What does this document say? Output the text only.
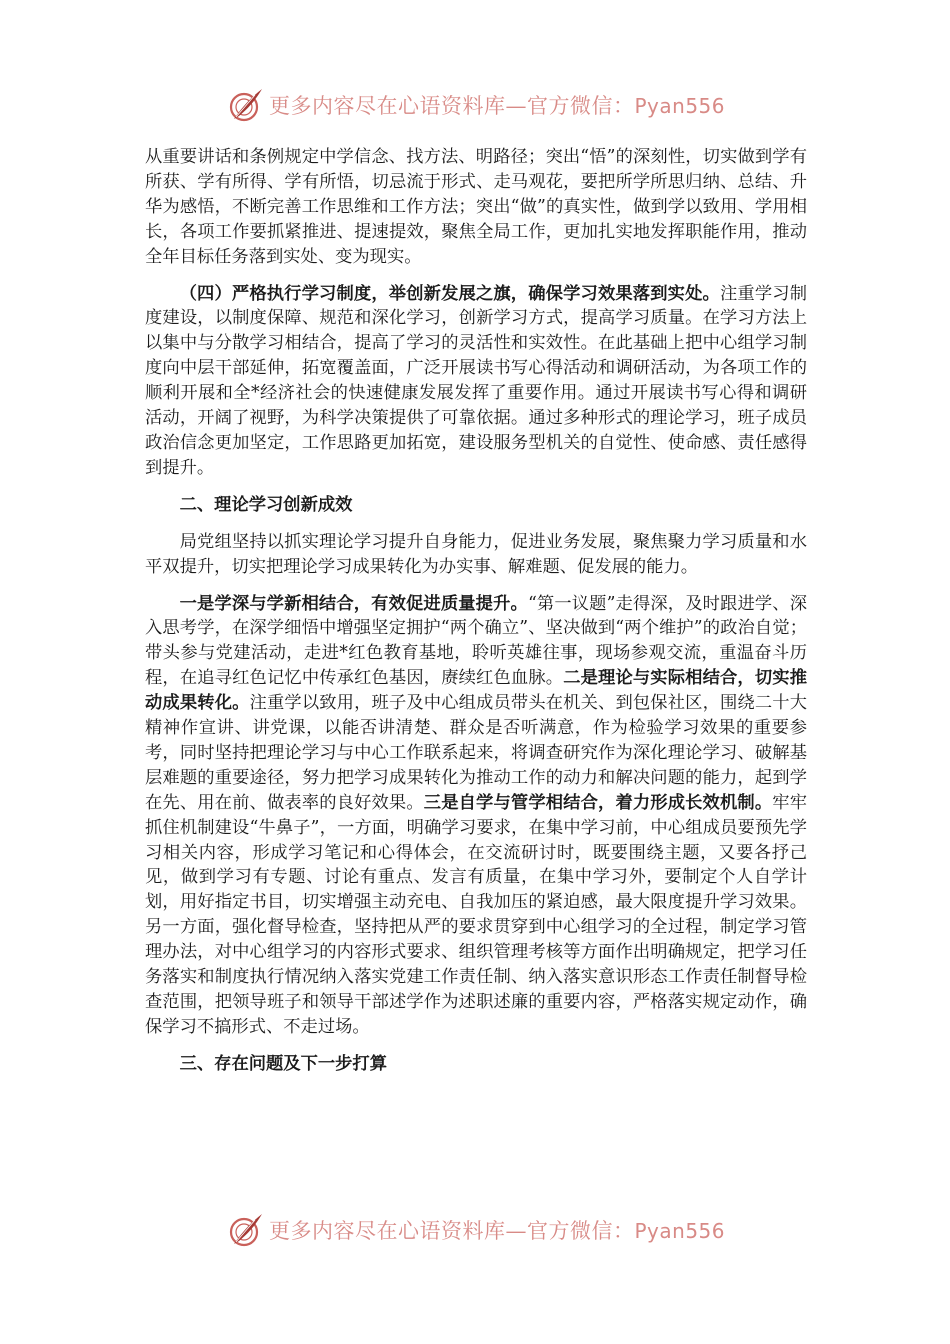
更多内容尽在心语资料库—官方微信：Pyan556

从重要讲话和条例规定中学信念、找方法、明路径；突出“悟”的深刻性，切实做到学有所获、学有所得、学有所悟，切忌流于形式、走马观花，要把所学所思归纳、总结、升华为感悟，不断完善工作思维和工作方法；突出“做”的真实性，做到学以致用、学用相长，各项工作要抓紧推进、提速提效，聚焦全局工作，更加扎实地发挥职能作用，推动全年目标任务落到实处、变为现实。

（四）严格执行学习制度，举创新发展之旗，确保学习效果落到实处。注重学习制度建设，以制度保障、规范和深化学习，创新学习方式，提高学习质量。在学习方法上以集中与分散学习相结合，提高了学习的灵活性和实效性。在此基础上把中心组学习制度向中层干部延伸，拓宽覆盖面，广泛开展读书写心得活动和调研活动，为各项工作的顺利开展和全*经济社会的快速健康发展发挥了重要作用。通过开展读书写心得和调研活动，开阔了视野，为科学决策提供了可靠依据。通过多种形式的理论学习，班子成员政治信念更加坚定，工作思路更加拓宽，建设服务型机关的自觉性、使命感、责任感得到提升。

二、理论学习创新成效

局党组坚持以抓实理论学习提升自身能力，促进业务发展，聚焦聚力学习质量和水平双提升，切实把理论学习成果转化为办实事、解难题、促发展的能力。

一是学深与学新相结合，有效促进质量提升。“第一议题”走得深，及时跟进学、深入思考学，在深学细悟中增强坚定拥护“两个确立”、坚决做到“两个维护”的政治自觉；带头参与党建活动，走进*红色教育基地，聆听英雄往事，现场参观交流，重温奋斗历程，在追寻红色记忆中传承红色基因，赓续红色血脉。二是理论与实际相结合，切实推动成果转化。注重学以致用，班子及中心组成员带头在机关、到包保社区，围绕二十大精神作宣讲、讲党课，以能否讲清楚、群众是否听满意，作为检验学习效果的重要参考，同时坚持把理论学习与中心工作联系起来，将调查研究作为深化理论学习、破解基层难题的重要途径，努力把学习成果转化为推动工作的动力和解决问题的能力，起到学在先、用在前、做表率的良好效果。三是自学与管学相结合，着力形成长效机制。牢牢抓住机制建设“牛鼻子”，一方面，明确学习要求，在集中学习前，中心组成员要预先学习相关内容，形成学习笔记和心得体会，在交流研讨时，既要围绕主题，又要各抒己见，做到学习有专题、讨论有重点、发言有质量，在集中学习外，要制定个人自学计划，用好指定书目，切实增强主动充电、自我加压的紧迫感，最大限度提升学习效果。另一方面，强化督导检查，坚持把从严的要求贯穿到中心组学习的全过程，制定学习管理办法，对中心组学习的内容形式要求、组织管理考核等方面作出明确规定，把学习任务落实和制度执行情况纳入落实党建工作责任制、纳入落实意识形态工作责任制督导检查范围，把领导班子和领导干部述学作为述职述廉的重要内容，严格落实规定动作，确保学习不搞形式、不走过场。

三、存在问题及下一步打算

更多内容尽在心语资料库—官方微信：Pyan556
